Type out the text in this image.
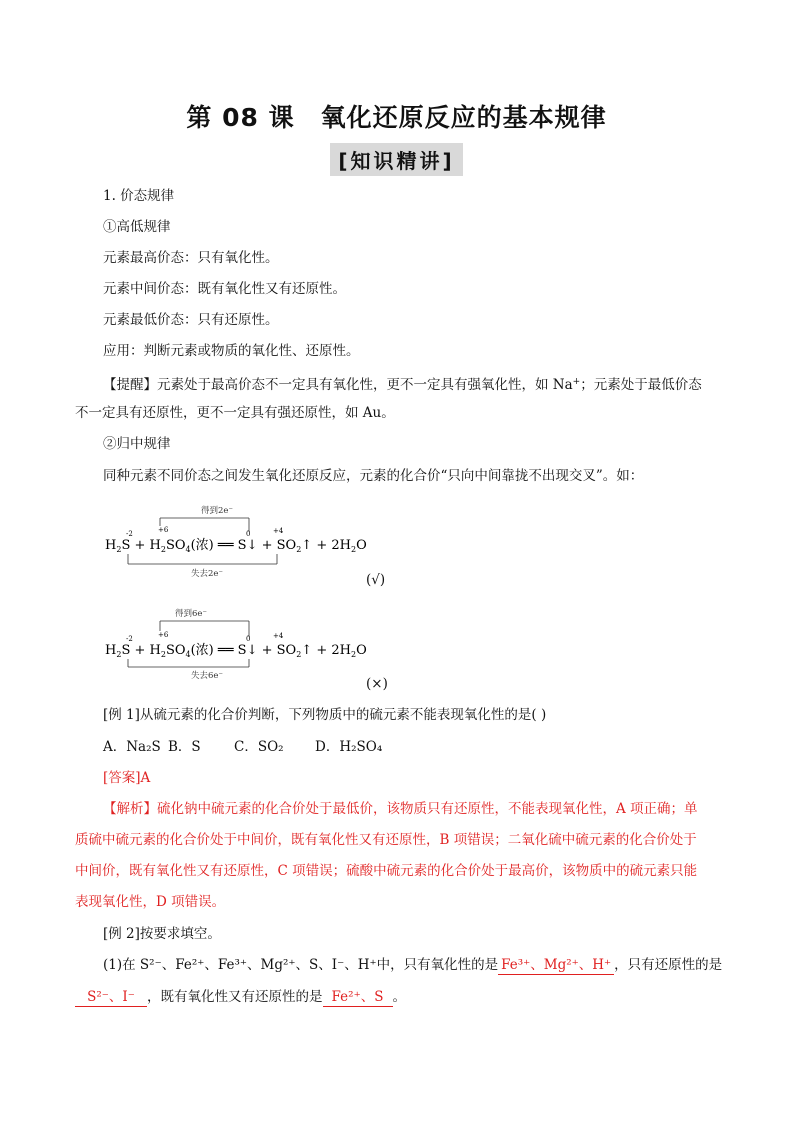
第 08 课 氧化还原反应的基本规律
[知识精讲]
1. 价态规律
①高低规律
元素最高价态：只有氧化性。
元素中间价态：既有氧化性又有还原性。
元素最低价态：只有还原性。
应用：判断元素或物质的氧化性、还原性。
【提醒】元素处于最高价态不一定具有氧化性，更不一定具有强氧化性，如 Na+；元素处于最低价态
不一定具有还原性，更不一定具有强还原性，如 Au。
②归中规律
同种元素不同价态之间发生氧化还原反应，元素的化合价“只向中间靠拢不出现交叉”。如：
得到2e⁻
-2	+6	0	+4
$H_2S + H_2SO_4$(浓) ══ S↓ + $SO_2↑ + 2H_2O$
失去2e⁻	(√)
得到6e⁻
-2	+6	0	+4
$H_2S + H_2SO_4$(浓) ══ S↓ + $SO_2↑ + 2H_2O$
失去6e⁻	(×)
[例 1]从硫元素的化合价判断，下列物质中的硫元素不能表现氧化性的是( )
A．Na₂S B．S C．SO₂ D．H₂SO₄
[答案]A
【解析】硫化钠中硫元素的化合价处于最低价，该物质只有还原性，不能表现氧化性，A 项正确；单
质硫中硫元素的化合价处于中间价，既有氧化性又有还原性，B 项错误；二氧化硫中硫元素的化合价处于
中间价，既有氧化性又有还原性，C 项错误；硫酸中硫元素的化合价处于最高价，该物质中的硫元素只能
表现氧化性，D 项错误。
[例 2]按要求填空。
(1)在 S²⁻、Fe²⁺、Fe³⁺、Mg²⁺、S、I⁻、H⁺中，只有氧化性的是 Fe³⁺、Mg²⁺、H⁺ ，只有还原性的是
S²⁻、I⁻ ，既有氧化性又有还原性的是 Fe²⁺、S 。
